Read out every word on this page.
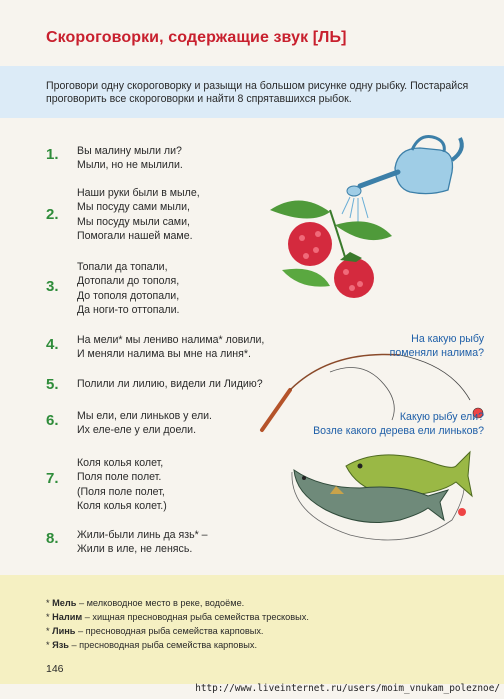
Скороговорки, содержащие звук [ЛЬ]
Проговори одну скороговорку и разыщи на большом рисунке одну рыбку. Постарайся проговорить все скороговорки и найти 8 спрятавшихся рыбок.
1. Вы малину мыли ли?
Мыли, но не мылили.
2.
Наши руки были в мыле,
Мы посуду сами мыли,
Мы посуду мыли сами,
Помогали нашей маме.
3.
Топали да топали,
Дотопали до тополя,
До тополя дотопали,
Да ноги-то оттопали.
4. На мели* мы лениво налима* ловили,
И меняли налима вы мне на линя*.
5. Полили ли лилию, видели ли Лидию?
6. Мы ели, ели линьков у ели.
Их еле-еле у ели доели.
7.
Коля колья колет,
Поля поле полет.
(Поля поле полет,
Коля колья колет.)
8. Жили-были линь да язь* –
Жили в иле, не ленясь.
На какую рыбу
поменяли налима?
Какую рыбу ели?
Возле какого дерева ели линьков?
* Мель – мелководное место в реке, водоёме.
* Налим – хищная пресноводная рыба семейства тресковых.
* Линь – пресноводная рыба семейства карповых.
* Язь – пресноводная рыба семейства карповых.
146
http://www.liveinternet.ru/users/moim_vnukam_poleznoe/
